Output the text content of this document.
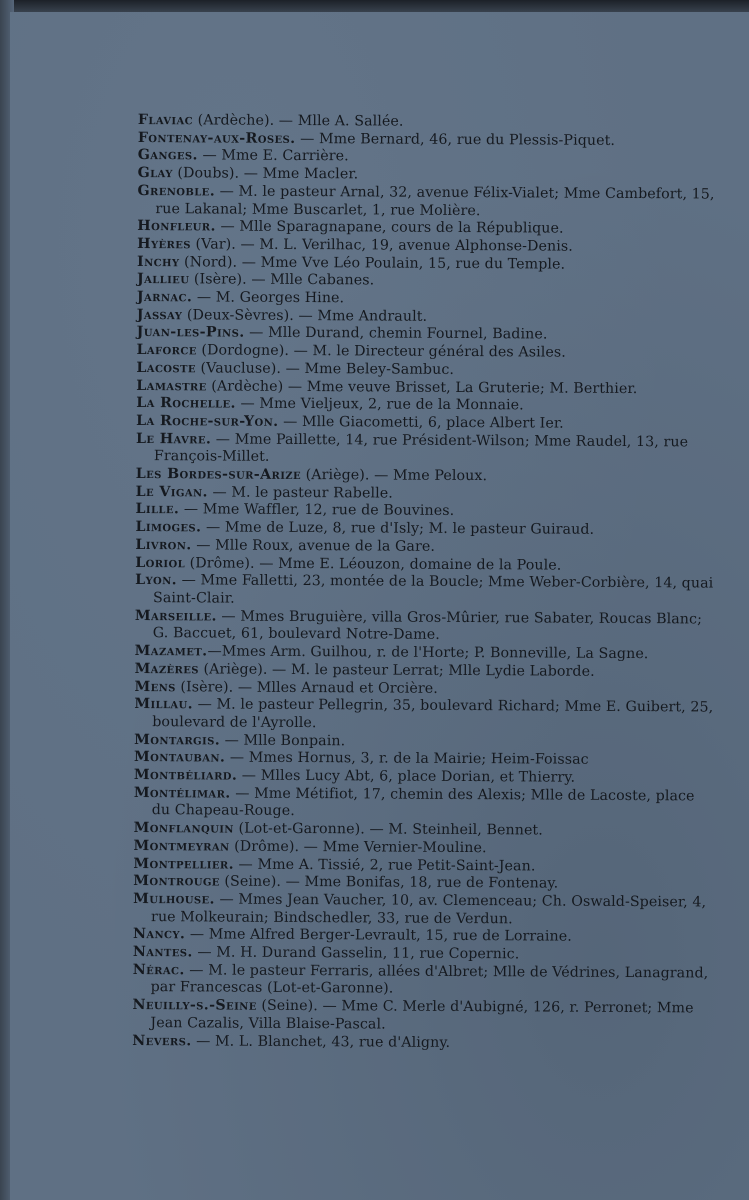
Flaviac (Ardèche). — Mlle A. Sallée.

Fontenay-aux-Roses. — Mme Bernard, 46, rue du Plessis-Piquet.

Ganges. — Mme E. Carrière.

Glay (Doubs). — Mme Macler.

Grenoble. — M. le pasteur Arnal, 32, avenue Félix-Vialet; Mme Cambefort, 15, rue Lakanal; Mme Buscarlet, 1, rue Molière.

Honfleur. — Mlle Sparagnapane, cours de la République.

Hyères (Var). — M. L. Verilhac, 19, avenue Alphonse-Denis.

Inchy (Nord). — Mme Vve Léo Poulain, 15, rue du Temple.

Jallieu (Isère). — Mlle Cabanes.

Jarnac. — M. Georges Hine.

Jassay (Deux-Sèvres). — Mme Andrault.

Juan-les-Pins. — Mlle Durand, chemin Fournel, Badine.

Laforce (Dordogne). — M. le Directeur général des Asiles.

Lacoste (Vaucluse). — Mme Beley-Sambuc.

Lamastre (Ardèche) — Mme veuve Brisset, La Gruterie; M. Berthier.

La Rochelle. — Mme Vieljeux, 2, rue de la Monnaie.

La Roche-sur-Yon. — Mlle Giacometti, 6, place Albert Ier.

Le Havre. — Mme Paillette, 14, rue Président-Wilson; Mme Raudel, 13, rue François-Millet.

Les Bordes-sur-Arize (Ariège). — Mme Peloux.

Le Vigan. — M. le pasteur Rabelle.

Lille. — Mme Waffler, 12, rue de Bouvines.

Limoges. — Mme de Luze, 8, rue d'Isly; M. le pasteur Guiraud.

Livron. — Mlle Roux, avenue de la Gare.

Loriol (Drôme). — Mme E. Léouzon, domaine de la Poule.

Lyon. — Mme Falletti, 23, montée de la Boucle; Mme Weber-Corbière, 14, quai Saint-Clair.

Marseille. — Mmes Bruguière, villa Gros-Mûrier, rue Sabater, Roucas Blanc; G. Baccuet, 61, boulevard Notre-Dame.

Mazamet.—Mmes Arm. Guilhou, r. de l'Horte; P. Bonneville, La Sagne.

Mazères (Ariège). — M. le pasteur Lerrat; Mlle Lydie Laborde.

Mens (Isère). — Mlles Arnaud et Orcière.

Millau. — M. le pasteur Pellegrin, 35, boulevard Richard; Mme E. Guibert, 25, boulevard de l'Ayrolle.

Montargis. — Mlle Bonpain.

Montauban. — Mmes Hornus, 3, r. de la Mairie; Heim-Foissac

Montbéliard. — Mlles Lucy Abt, 6, place Dorian, et Thierry.

Montélimar. — Mme Métifiot, 17, chemin des Alexis; Mlle de Lacoste, place du Chapeau-Rouge.

Monflanquin (Lot-et-Garonne). — M. Steinheil, Bennet.

Montmeyran (Drôme). — Mme Vernier-Mouline.

Montpellier. — Mme A. Tissié, 2, rue Petit-Saint-Jean.

Montrouge (Seine). — Mme Bonifas, 18, rue de Fontenay.

Mulhouse. — Mmes Jean Vaucher, 10, av. Clemenceau; Ch. Oswald-Speiser, 4, rue Molkeurain; Bindschedler, 33, rue de Verdun.

Nancy. — Mme Alfred Berger-Levrault, 15, rue de Lorraine.

Nantes. — M. H. Durand Gasselin, 11, rue Copernic.

Nérac. — M. le pasteur Ferraris, allées d'Albret; Mlle de Védrines, Lanagrand, par Francescas (Lot-et-Garonne).

Neuilly-s.-Seine (Seine). — Mme C. Merle d'Aubigné, 126, r. Perronet; Mme Jean Cazalis, Villa Blaise-Pascal.

Nevers. — M. L. Blanchet, 43, rue d'Aligny.
